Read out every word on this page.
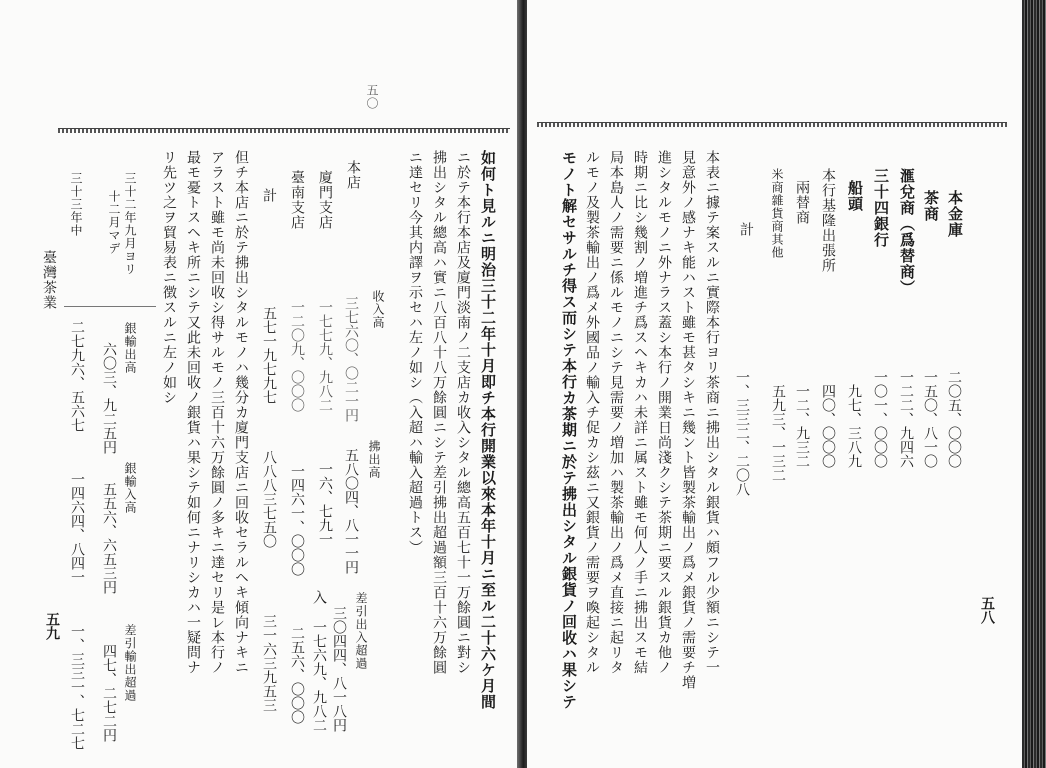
五〇
如何ト見ルニ明治三十二年十月即チ本行開業以來本年十月ニ至ル二十六ケ月間
ニ於テ本行本店及廈門淡南ノ二支店カ收入シタル總高五百七十一万餘圓ニ對シ
拂出シタル總高ハ實ニ八百八十八万餘圓ニシテ差引拂出超過額三百十六万餘圓
ニ達セリ今其内譯ヲ示セハ左ノ如シ（入超ハ輸入超過トス）
收入高
拂出高
差引出入超過
本店
三七六〇、〇二一円
五八〇四、八一一円
三〇四四、八一八円
廈門支店
一七七九、九八二
一六、七九一
入 一七六九、九八二
臺南支店
一二〇九、〇〇〇
一四六一、〇〇〇
二五六、〇〇〇
計
五七一九七九七
八八八三七五〇
三一六三九五三
但チ本店ニ於テ拂出シタルモノハ幾分カ廈門支店ニ回收セラルヘキ傾向ナキニ
アラスト雖モ尚未回收シ得サルモノ三百十六万餘圓ノ多キニ達セリ是レ本行ノ
最モ憂トスヘキ所ニシテ又此未回收ノ銀貨ハ果シテ如何ニナリシカハ一疑問ナ
リ先ツ之ヲ貿易表ニ徴スルニ左ノ如シ
三十二年九月ヨリ
十二月マデ
三十三年中
銀輸出高
六〇三、九二五円
二七九六、五六七
銀輸入高
五五六、六五三円
一四六四、八四一
差引輸出超過
四七、二七二円
一、三三一、七二七
臺灣茶業
五九
本金庫
二〇五、〇〇〇
茶商
一五〇、八一〇
滙兌商（爲替商）
一二二、九四六
三十四銀行
一〇一、〇〇〇
船頭
九七、三八九
本行基隆出張所
四〇、〇〇〇
兩替商
一二、九三二
米商雜貨商其他
五九三、一三二
計
一、三三二、二〇八
本表ニ據テ案スルニ實際本行ヨリ茶商ニ拂出シタル銀貨ハ頗フル少額ニシテ一
見意外ノ感ナキ能ハスト雖モ甚タシキニ幾ント皆製茶輸出ノ爲メ銀貨ノ需要チ増
進シタルモノニ外ナラス蓋シ本行ノ開業日尚淺クシテ茶期ニ要スル銀貨カ他ノ
時期ニ比シ幾割ノ増進チ爲スヘキカハ未詳ニ属スト雖モ何人ノ手ニ拂出スモ結
局本島人ノ需要ニ係ルモノニシテ見需要ノ増加ハ製茶輸出ノ爲メ直接ニ起リタ
ルモノ及製茶輸出ノ爲メ外國品ノ輸入チ促カシ茲ニ又銀貨ノ需要ヲ喚起シタル
モノト解セサルチ得ス而シテ本行カ茶期ニ於テ拂出シタル銀貨ノ回收ハ果シテ	五八
